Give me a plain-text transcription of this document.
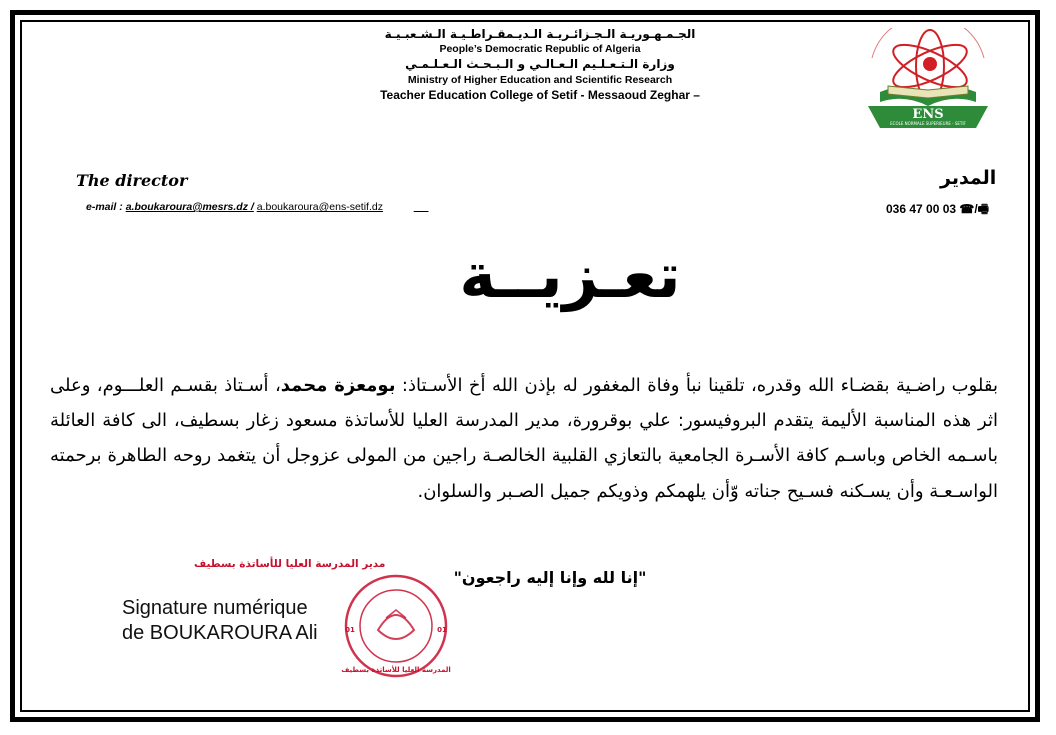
الجـمـهـوريـة الـجـزائـريـة الـديـمقـراطـيـة الـشـعبـيـة
People’s Democratic Republic of Algeria
وزارة الـتـعـلـيم الـعـالـي و الـبـحـث الـعـلـمـي
Ministry of Higher Education and Scientific Research
Teacher Education College of Setif - Messaoud Zeghar –
ENS
ECOLE NORMALE SUPERIEURE - SETIF
The director	المدير
e-mail : a.boukaroura@mesrs.dz / a.boukaroura@ens-setif.dz	_ _	036 47 00 03 ☎/🖷
تعـزيــة
بقلوب راضـية بقضـاء الله وقدره، تلقينا نبأ وفاة المغفور له بإذن الله أخ الأسـتاذ: بومعزة محمد، أسـتاذ بقسـم العلـــوم، وعلى اثر هذه المناسبة الأليمة يتقدم البروفيسور: علي بوقرورة، مدير المدرسة العليا للأساتذة مسعود زغار بسطيف، الى كافة العائلة باسـمه الخاص وباسـم كافة الأسـرة الجامعية بالتعازي القلبية الخالصـة راجين من المولى عزوجل أن يتغمد روحه الطاهرة برحمته الواسـعـة وأن يسـكنه فسـيح جناته وّأن يلهمكم وذويكم جميل الصـبر والسلوان.
"إنا لله وإنا إليه راجعون"
مدير المدرسة العليا للأساتذة بسطيف
Signature numérique
de BOUKAROURA Ali
المدرسة العليا للأساتذة بسطيف
01	01
